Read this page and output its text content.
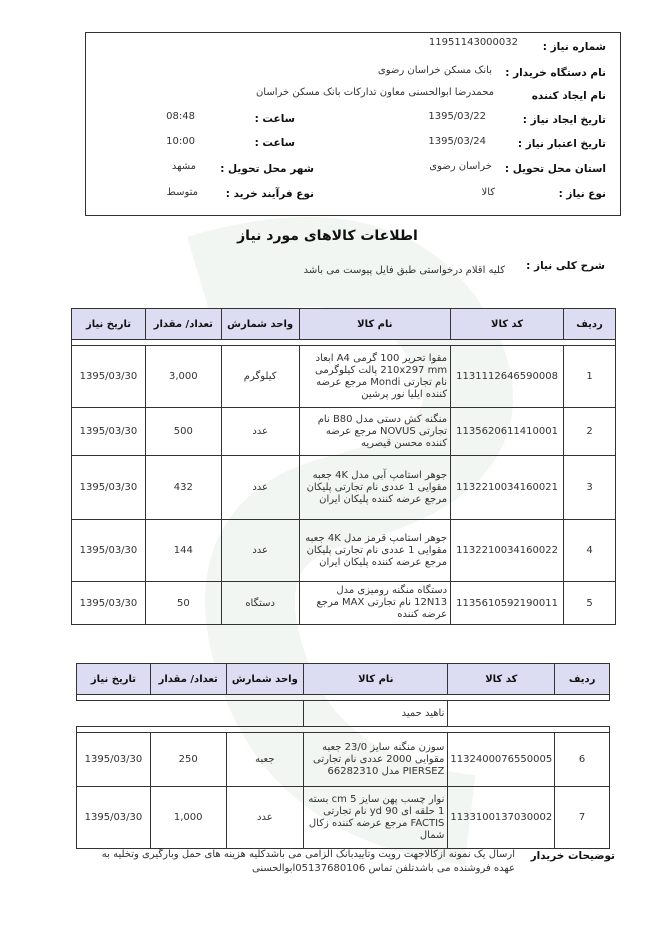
شماره نیاز :
11951143000032
نام دستگاه خریدار :
بانک مسکن خراسان رضوی
نام ایجاد کننده
محمدرضا ابوالحسنی معاون تدارکات بانک مسکن خراسان
تاریخ ایجاد نیاز :
1395/03/22
ساعت :
08:48
تاریخ اعتبار نیاز :
1395/03/24
ساعت :
10:00
استان محل تحویل :
خراسان رضوی
شهر محل تحویل :
مشهد
نوع نیاز :
کالا
نوع فرآیند خرید :
متوسط
اطلاعات کالاهای مورد نیاز
شرح کلی نیاز :
کلیه اقلام درخواستی طبق فایل پیوست می باشد
تاریخ نیاز	تعداد/ مقدار	واحد شمارش	نام کالا	کد کالا	ردیف

1395/03/30	3,000	کیلوگرم	مقوا تحریر 100 گرمی A4 ابعاد 210x297 mm پالت کیلوگرمی نام تجارتی Mondi مرجع عرضه کننده ایلیا نور پرشین	1131112646590008	1
1395/03/30	500	عدد	منگنه کش دستی مدل B80 نام تجارتی NOVUS مرجع عرضه کننده محسن قیصریه	1135620611410001	2
1395/03/30	432	عدد	جوهر استامپ آبی مدل 4K جعبه مقوایی 1 عددی نام تجارتی پلیکان مرجع عرضه کننده پلیکان ایران	1132210034160021	3
1395/03/30	144	عدد	جوهر استامپ قرمز مدل 4K جعبه مقوایی 1 عددی نام تجارتی پلیکان مرجع عرضه کننده پلیکان ایران	1132210034160022	4
1395/03/30	50	دستگاه	دستگاه منگنه رومیزی مدل 12N13 نام تجارتی MAX مرجع عرضه کننده	1135610592190011	5
تاریخ نیاز	تعداد/ مقدار	واحد شمارش	نام کالا	کد کالا	ردیف

			ناهید حمید		

1395/03/30	250	جعبه	سوزن منگنه سایز 23/0 جعبه مقوایی 2000 عددی نام تجارتی PIERSEZ مدل 66282310	1132400076550005	6
1395/03/30	1,000	عدد	نوار چسب پهن سایز 5 cm بسته 1 حلقه ای 90 yd نام تجارتی FACTIS مرجع عرضه کننده زکال شمال	1133100137030002	7
توضیحات خریدار
ارسال یک نمونه ازکالاجهت رویت وتاییدبانک الزامی می باشدکلیه هزینه های حمل وبارگیری وتخلیه به عهده فروشنده می باشدتلفن تماس 05137680106ابوالحسنی
